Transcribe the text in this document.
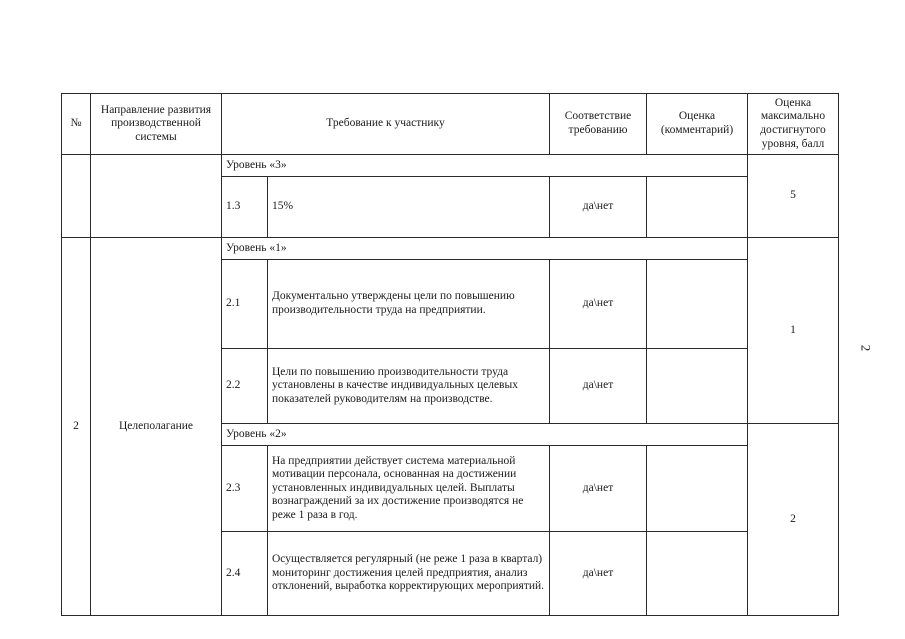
№	Направление развития производственной системы	Требование к участнику		Соответствие требованию	Оценка (комментарий)	Оценка максимально достигнутого уровня, балл
		Уровень «3»				5
		1.3	15%	да\нет		
2	Целеполагание	Уровень «1»				1
		2.1	Документально утверждены цели по повышению производительности труда на предприятии.	да\нет		
		2.2	Цели по повышению производительности труда установлены в качестве индивидуальных целевых показателей руководителям на производстве.	да\нет		
		Уровень «2»				2
		2.3	На предприятии действует система материальной мотивации персонала, основанная на достижении установленных индивидуальных целей. Выплаты вознаграждений за их достижение производятся не реже 1 раза в год.	да\нет		
		2.4	Осуществляется регулярный (не реже 1 раза в квартал) мониторинг достижения целей предприятия, анализ отклонений, выработка корректирующих мероприятий.	да\нет		
2
